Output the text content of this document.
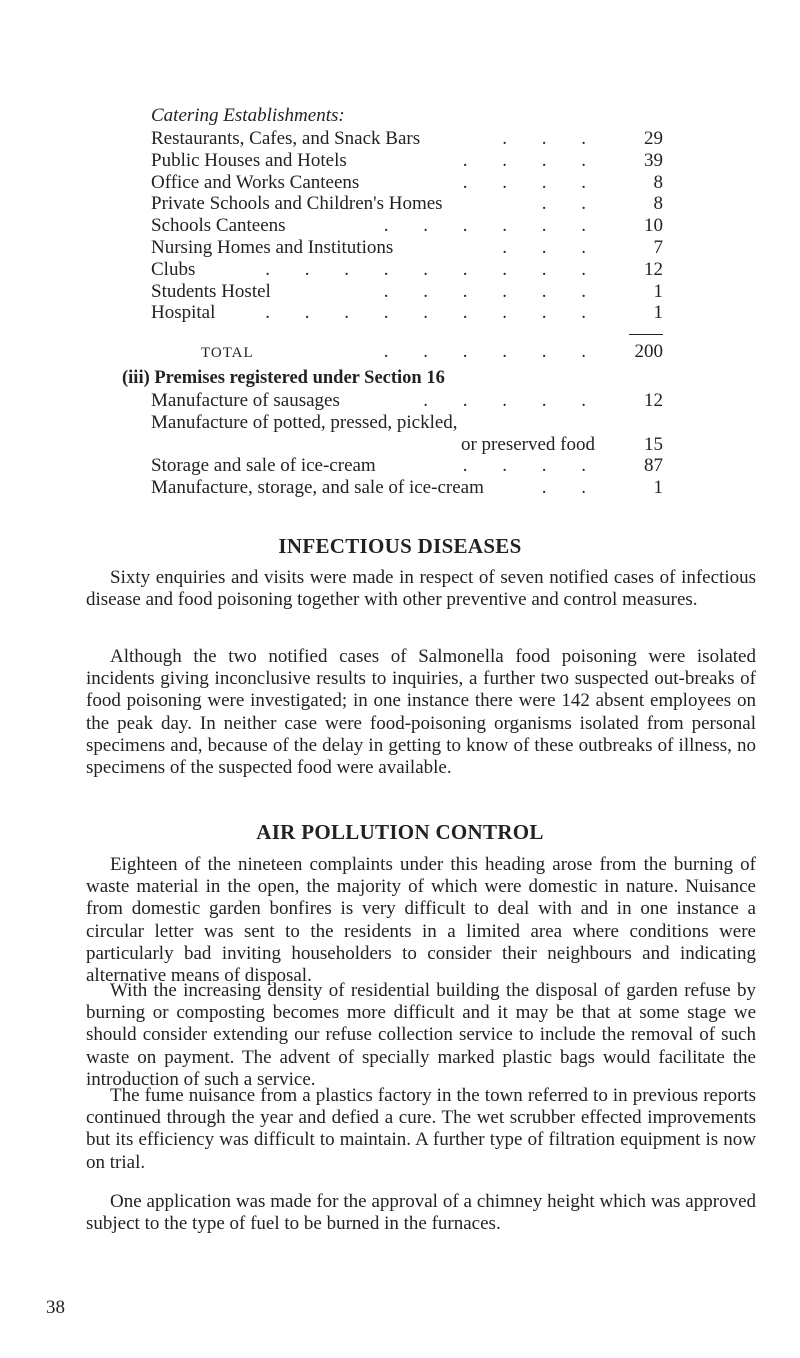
Catering Establishments:
Restaurants, Cafes, and Snack Bars	. . .	29
Public Houses and Hotels	. . . .	39
Office and Works Canteens	. . . .	8
Private Schools and Children's Homes	. .	8
Schools Canteens	. . . . . .	10
Nursing Homes and Institutions	. . .	7
Clubs	. . . . . . . . .	12
Students Hostel	. . . . . .	1
Hospital	. . . . . . . . .	1
TOTAL	. . . . . .	200
(iii) Premises registered under Section 16
Manufacture of sausages	. . . . .	12
Manufacture of potted, pressed, pickled,
or preserved food	15
Storage and sale of ice-cream	. . . .	87
Manufacture, storage, and sale of ice-cream	. .	1
INFECTIOUS DISEASES
Sixty enquiries and visits were made in respect of seven notified cases of infectious disease and food poisoning together with other preventive and control measures.
Although the two notified cases of Salmonella food poisoning were isolated incidents giving inconclusive results to inquiries, a further two suspected out-breaks of food poisoning were investigated; in one instance there were 142 absent employees on the peak day. In neither case were food-poisoning organisms isolated from personal specimens and, because of the delay in getting to know of these outbreaks of illness, no specimens of the suspected food were available.
AIR POLLUTION CONTROL
Eighteen of the nineteen complaints under this heading arose from the burning of waste material in the open, the majority of which were domestic in nature. Nuisance from domestic garden bonfires is very difficult to deal with and in one instance a circular letter was sent to the residents in a limited area where conditions were particularly bad inviting householders to consider their neighbours and indicating alternative means of disposal.
With the increasing density of residential building the disposal of garden refuse by burning or composting becomes more difficult and it may be that at some stage we should consider extending our refuse collection service to include the removal of such waste on payment. The advent of specially marked plastic bags would facilitate the introduction of such a service.
The fume nuisance from a plastics factory in the town referred to in previous reports continued through the year and defied a cure. The wet scrubber effected improvements but its efficiency was difficult to maintain. A further type of filtration equipment is now on trial.
One application was made for the approval of a chimney height which was approved subject to the type of fuel to be burned in the furnaces.
38
